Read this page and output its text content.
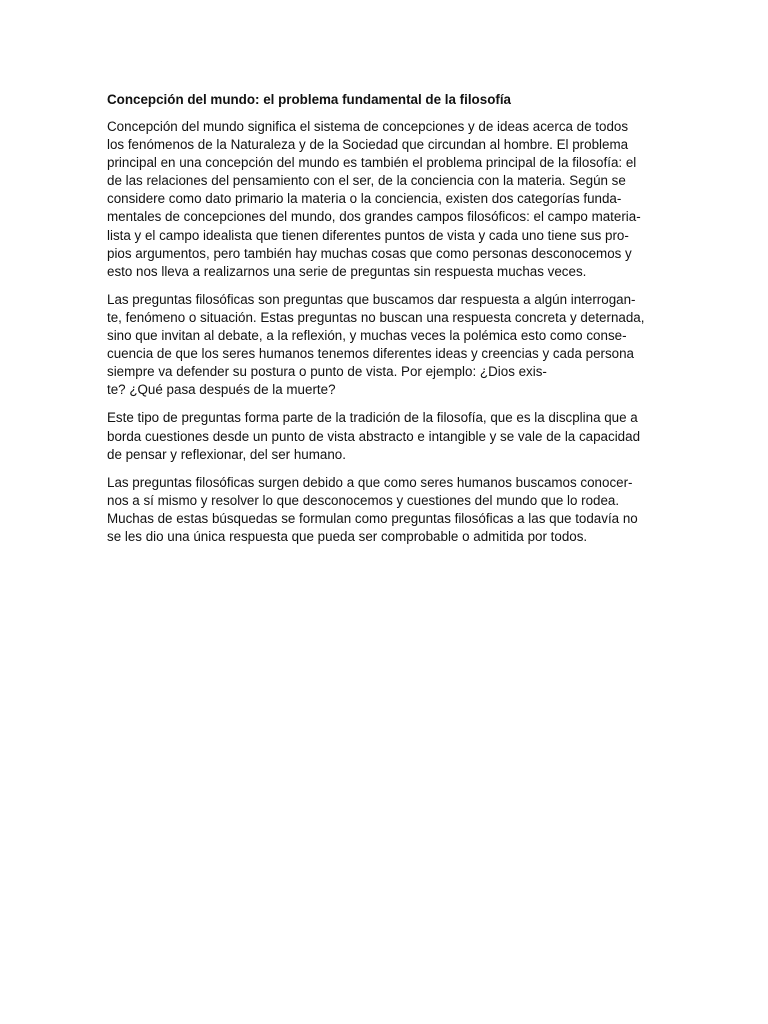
Concepción del mundo: el problema fundamental de la filosofía
Concepción del mundo significa el sistema de concepciones y de ideas acerca de todos
los fenómenos de la Naturaleza y de la Sociedad que circundan al hombre. El problema
principal en una concepción del mundo es también el problema principal de la filosofía: el
de las relaciones del pensamiento con el ser, de la conciencia con la materia. Según se
considere como dato primario la materia o la conciencia, existen dos categorías funda-
mentales de concepciones del mundo, dos grandes campos filosóficos: el campo materia-
lista y el campo idealista que tienen diferentes puntos de vista y cada uno tiene sus pro-
pios argumentos, pero también hay muchas cosas que como personas desconocemos y
esto nos lleva a realizarnos una serie de preguntas sin respuesta muchas veces.
Las preguntas filosóficas son preguntas que buscamos dar respuesta a algún interrogan-
te, fenómeno o situación. Estas preguntas no buscan una respuesta concreta y deternada,
sino que invitan al debate, a la reflexión, y muchas veces la polémica esto como conse-
cuencia de que los seres humanos tenemos diferentes ideas y creencias y cada persona
siempre va defender su postura o punto de vista. Por ejemplo: ¿Dios exis-
te? ¿Qué pasa después de la muerte?
Este tipo de preguntas forma parte de la tradición de la filosofía, que es la discplina que a
borda cuestiones desde un punto de vista abstracto e intangible y se vale de la capacidad
de pensar y reflexionar, del ser humano.
Las preguntas filosóficas surgen debido a que como seres humanos buscamos conocer-
nos a sí mismo y resolver lo que desconocemos y cuestiones del mundo que lo rodea.
Muchas de estas búsquedas se formulan como preguntas filosóficas a las que todavía no
se les dio una única respuesta que pueda ser comprobable o admitida por todos.
